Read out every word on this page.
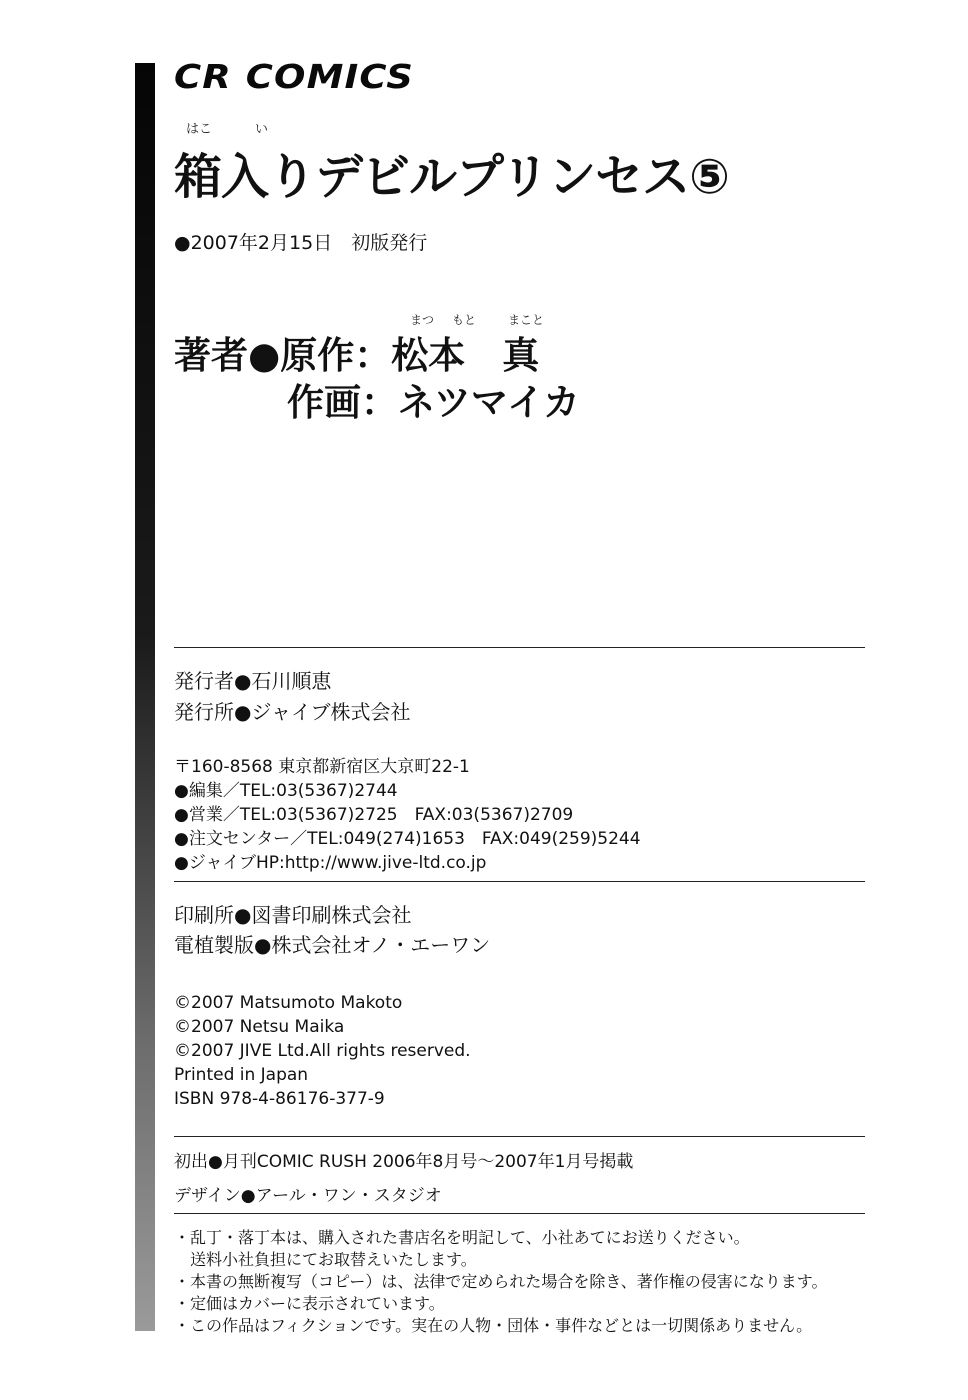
CR COMICS
はこ	い
箱入りデビルプリンセス⑤
●2007年2月15日　初版発行
まつ もと	まこと
著者●原作：松本　真
作画：ネツマイカ
発行者●石川順恵
発行所●ジャイブ株式会社
〒160-8568 東京都新宿区大京町22-1
●編集／TEL:03(5367)2744
●営業／TEL:03(5367)2725　FAX:03(5367)2709
●注文センター／TEL:049(274)1653　FAX:049(259)5244
●ジャイブHP:http://www.jive-ltd.co.jp
印刷所●図書印刷株式会社
電植製版●株式会社オノ・エーワン
©2007 Matsumoto Makoto
©2007 Netsu Maika
©2007 JIVE Ltd.All rights reserved.
Printed in Japan
ISBN 978-4-86176-377-9
初出●月刊COMIC RUSH 2006年8月号〜2007年1月号掲載
デザイン●アール・ワン・スタジオ
・乱丁・落丁本は、購入された書店名を明記して、小社あてにお送りください。
　送料小社負担にてお取替えいたします。
・本書の無断複写（コピー）は、法律で定められた場合を除き、著作権の侵害になります。
・定価はカバーに表示されています。
・この作品はフィクションです。実在の人物・団体・事件などとは一切関係ありません。
